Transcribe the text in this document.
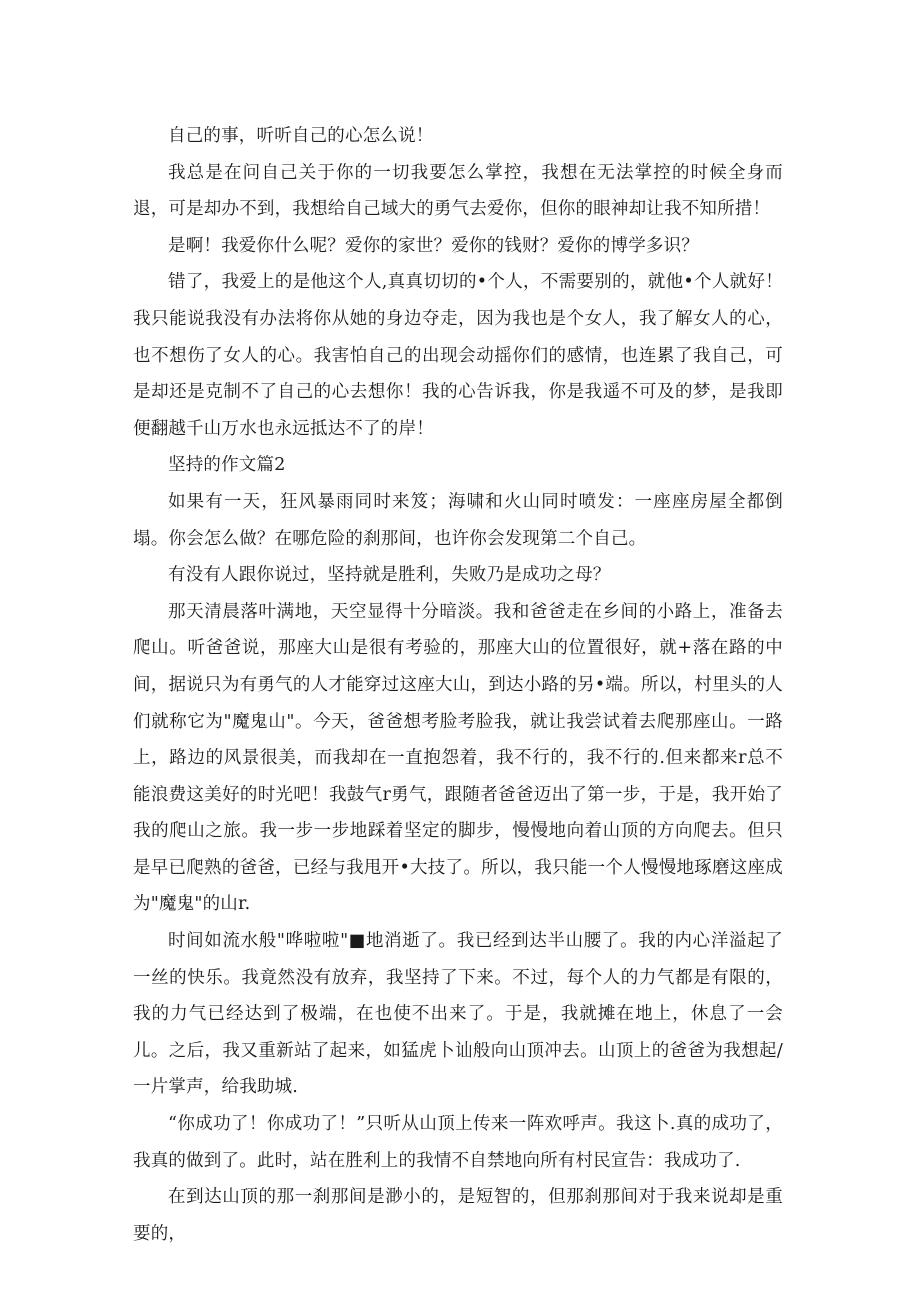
自己的事，听听自己的心怎么说！

我总是在问自己关于你的一切我要怎么掌控，我想在无法掌控的时候全身而退，可是却办不到，我想给自己域大的勇气去爱你，但你的眼神却让我不知所措！

是啊！我爱你什么呢？爱你的家世？爱你的钱财？爱你的博学多识？

错了，我爱上的是他这个人,真真切切的•个人，不需要别的，就他•个人就好！我只能说我没有办法将你从她的身边夺走，因为我也是个女人，我了解女人的心，也不想伤了女人的心。我害怕自己的出现会动摇你们的感情，也连累了我自己，可是却还是克制不了自己的心去想你！我的心告诉我，你是我遥不可及的梦，是我即便翻越千山万水也永远抵达不了的岸！

坚持的作文篇2

如果有一天，狂风暴雨同时来笈；海啸和火山同时喷发：一座座房屋全都倒塌。你会怎么做？在哪危险的刹那间，也许你会发现第二个自己。

有没有人跟你说过，坚持就是胜利，失败乃是成功之母？

那天清晨落叶满地，天空显得十分暗淡。我和爸爸走在乡间的小路上，准备去爬山。听爸爸说，那座大山是很有考验的，那座大山的位置很好，就+落在路的中间，据说只为有勇气的人才能穿过这座大山，到达小路的另•端。所以，村里头的人们就称它为"魔鬼山"。今天，爸爸想考脸考脸我，就让我尝试着去爬那座山。一路上，路边的风景很美，而我却在一直抱怨着，我不行的，我不行的.但来都来r总不能浪费这美好的时光吧！我鼓气r勇气，跟随者爸爸迈出了第一步，于是，我开始了我的爬山之旅。我一步一步地踩着坚定的脚步，慢慢地向着山顶的方向爬去。但只是早已爬熟的爸爸，已经与我甩开•大技了。所以，我只能一个人慢慢地琢磨这座成为"魔鬼"的山r.

时间如流水般"哗啦啦"■地消逝了。我已经到达半山腰了。我的内心洋溢起了一丝的快乐。我竟然没有放弃，我坚持了下来。不过，每个人的力气都是有限的，我的力气已经达到了极端，在也使不出来了。于是，我就摊在地上，休息了一会儿。之后，我又重新站了起来，如猛虎卜讪般向山顶冲去。山顶上的爸爸为我想起/一片掌声，给我助城.

“你成功了！你成功了！”只听从山顶上传来一阵欢呼声。我这卜.真的成功了，我真的做到了。此时，站在胜利上的我情不自禁地向所有村民宣告：我成功了.

在到达山顶的那一刹那间是渺小的，是短智的，但那刹那间对于我来说却是重要的，
